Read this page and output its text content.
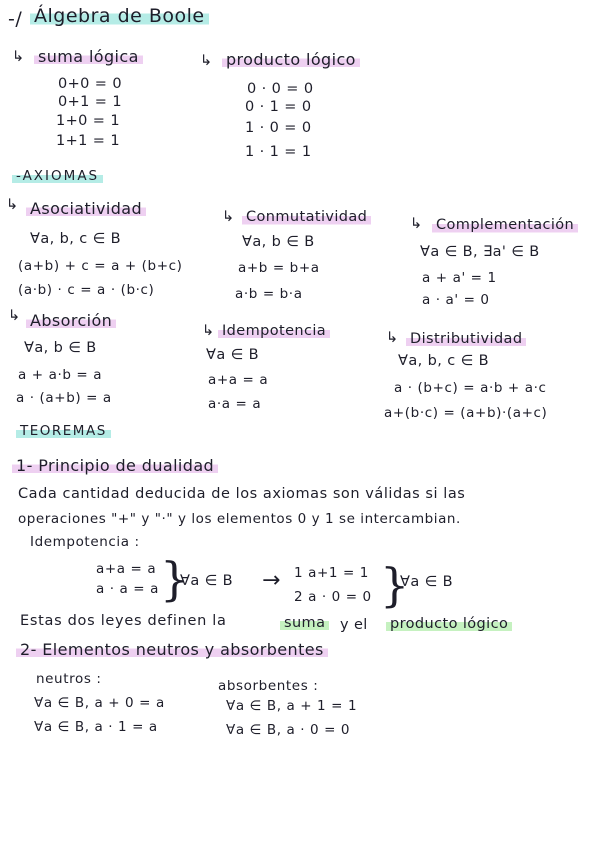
-/ Álgebra de Boole
↳ suma lógica
0+0 = 0
0+1 = 1
1+0 = 1
1+1 = 1
↳ producto lógico
0 · 0 = 0
0 · 1 = 0
1 · 0 = 0
1 · 1 = 1
-AXIOMAS
↳ Asociatividad
∀a, b, c ∈ B
(a+b) + c = a + (b+c)
(a·b) · c = a · (b·c)
↳ Conmutatividad
∀a, b ∈ B
a+b = b+a
a·b = b·a
↳ Complementación
∀a ∈ B, ∃a' ∈ B
a + a' = 1
a · a' = 0
↳ Absorción
∀a, b ∈ B
a + a·b = a
a · (a+b) = a
↳ Idempotencia
∀a ∈ B
a+a = a
a·a = a
↳ Distributividad
∀a, b, c ∈ B
a · (b+c) = a·b + a·c
a+(b·c) = (a+b)·(a+c)
TEOREMAS
1- Principio de dualidad
Cada cantidad deducida de los axiomas son válidas si las
operaciones "+" y "·" y los elementos 0 y 1 se intercambian.
Idempotencia :
a+a = a
a · a = a }
∀a ∈ B → 1 a+1 = 1
2 a · 0 = 0 }
∀a ∈ B
Estas dos leyes definen la	suma y el producto lógico
2- Elementos neutros y absorbentes
neutros :
∀a ∈ B, a + 0 = a
∀a ∈ B, a · 1 = a
absorbentes :
∀a ∈ B, a + 1 = 1
∀a ∈ B, a · 0 = 0
